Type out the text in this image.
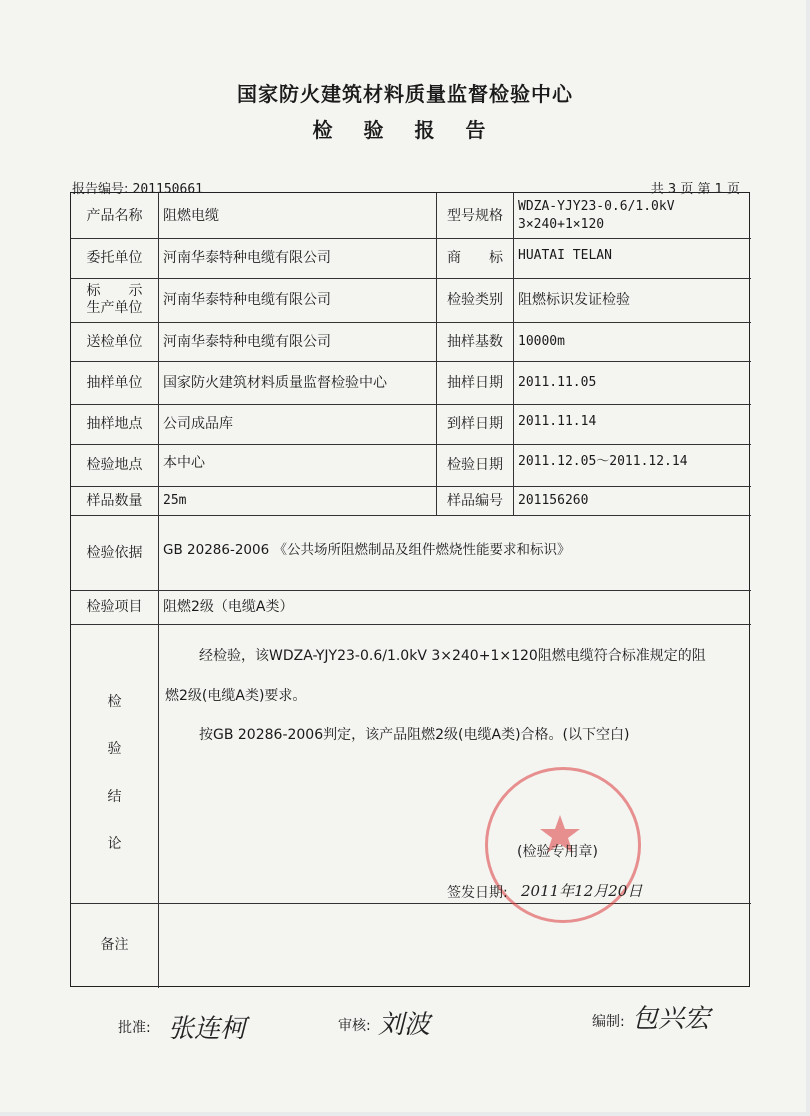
国家防火建筑材料质量监督检验中心
检 验 报 告
报告编号: 201150661	共 3 页 第 1 页
产品名称	阻燃电缆	型号规格
WDZA-YJY23-0.6/1.0kV
3×240+1×120
委托单位	河南华泰特种电缆有限公司	商　　标	HUATAI TELAN
标　　示
生产单位 河南华泰特种电缆有限公司	检验类别	阻燃标识发证检验
送检单位	河南华泰特种电缆有限公司	抽样基数	10000m
抽样单位	国家防火建筑材料质量监督检验中心	抽样日期	2011.11.05
抽样地点	公司成品库	到样日期	2011.11.14
检验地点	本中心	检验日期	2011.12.05～2011.12.14
样品数量	25m	样品编号	201156260
检验依据	GB 20286-2006 《公共场所阻燃制品及组件燃烧性能要求和标识》
检验项目	阻燃2级（电缆A类）
检
验
结
论
经检验，该WDZA-YJY23-0.6/1.0kV 3×240+1×120阻燃电缆符合标准规定的阻
燃2级(电缆A类)要求。
按GB 20286-2006判定，该产品阻燃2级(电缆A类)合格。(以下空白)
(检验专用章)
签发日期: 2011年12月20日
备注
批准: 张连柯	审核: 刘波	编制: 包兴宏
